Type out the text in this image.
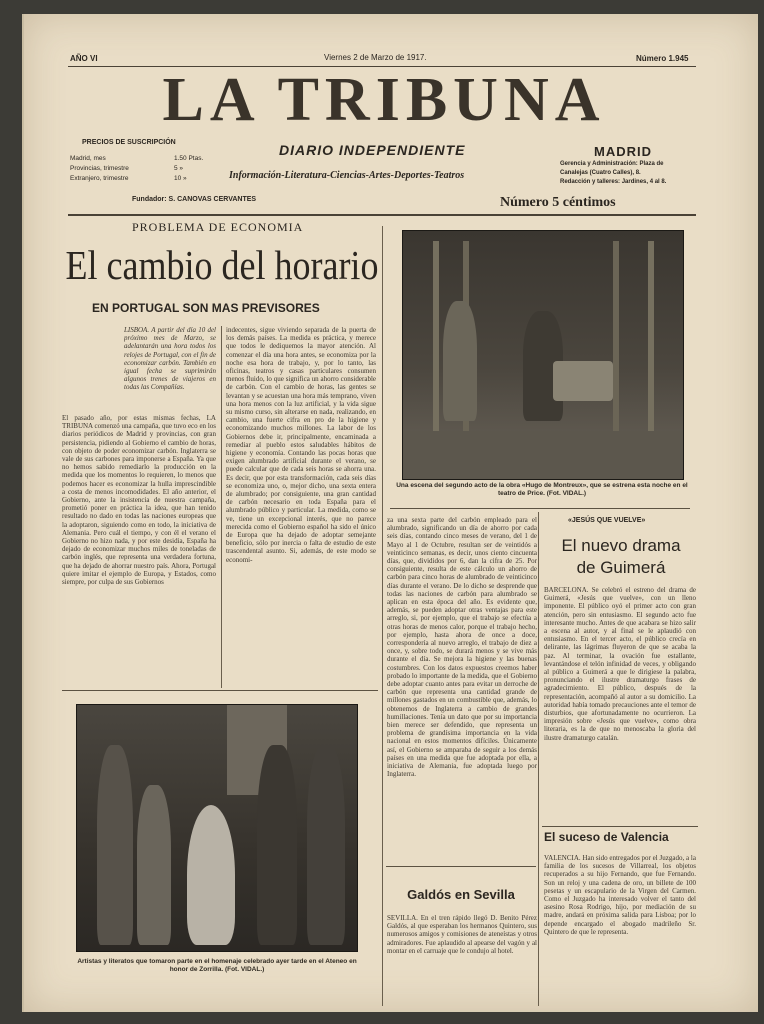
AÑO VI	Viernes 2 de Marzo de 1917.	Número 1.945
LA TRIBUNA
PRECIOS DE SUSCRIPCIÓN
Madrid, mes	1.50 Ptas.
Provincias, trimestre	5 »
Extranjero, trimestre	10 »
Fundador: S. CANOVAS CERVANTES
DIARIO INDEPENDIENTE
Información-Literatura-Ciencias-Artes-Deportes-Teatros
MADRID
Gerencia y Administración: Plaza de
Canalejas (Cuatro Calles), 8.
Redacción y talleres: Jardines, 4 al 8.
Número 5 céntimos
PROBLEMA DE ECONOMIA
El cambio del horario
EN PORTUGAL SON MAS PREVISORES
LISBOA. A partir del día 10 del próximo mes de Marzo, se adelantarán una hora todos los relojes de Portugal, con el fin de economizar carbón. También en igual fecha se suprimirán algunos trenes de viajeros en todas las Compañías.
El pasado año, por estas mismas fechas, LA TRIBUNA comenzó una campaña, que tuvo eco en los diarios periódicos de Madrid y provincias, con gran persistencia, pidiendo al Gobierno el cambio de horas, con objeto de poder economizar carbón. Inglaterra se vale de sus carbones para imponerse a España. Ya que no hemos sabido remediarlo la producción en la medida que los momentos lo requieren, lo menos que podemos hacer es economizar la hulla imprescindible a costa de menos incomodidades. El año anterior, el Gobierno, ante la insistencia de nuestra campaña, prometió poner en práctica la idea, que han tenido resultado no dado en todas las naciones europeas que la adoptaron, siguiendo como en todo, la iniciativa de Alemania. Pero cuál el tiempo, y con él el verano el Gobierno no hizo nada, y por este desidia, España ha dejado de economizar muchos miles de toneladas de carbón inglés, que representa una verdadera fortuna, que ha dejado de ahorrar nuestro país. Ahora, Portugal quiere imitar el ejemplo de Europa, y Estados, como siempre, por culpa de sus Gobiernos
indecentes, sigue viviendo separada de la puerta de los demás países. La medida es práctica, y merece que todos le dediquemos la mayor atención. Al comenzar el día una hora antes, se economiza por la noche esa hora de trabajo, y, por lo tanto, las oficinas, teatros y casas particulares consumen menos fluido, lo que significa un ahorro considerable de carbón. Con el cambio de horas, las gentes se levantan y se acuestan una hora más temprano, viven una hora menos con la luz artificial, y la vida sigue su mismo curso, sin alterarse en nada, realizando, en cambio, una fuerte cifra en pro de la higiene y economizando muchos millones. La labor de los Gobiernos debe ir, principalmente, encaminada a remediar al pueblo estos saludables hábitos de higiene y economía. Contando las pocas horas que exigen alumbrado artificial durante el verano, se puede calcular que de cada seis horas se ahorra una. Es decir, que por esta transformación, cada seis días se economiza uno, o, mejor dicho, una sexta entera de alumbrado; por consiguiente, una gran cantidad de carbón necesario en toda España para el alumbrado público y particular. La medida, como se ve, tiene un excepcional interés, que no parece merecida como el Gobierno español ha sido el único de Europa que ha dejado de adoptar semejante beneficio, sólo por inercia o falta de estudio de este trascendental asunto. Si, además, de este modo se economi-
za una sexta parte del carbón empleado para el alumbrado, significando un día de ahorro por cada seis días, contando cinco meses de verano, del 1 de Mayo al 1 de Octubre, resultan ser de veintidós a veinticinco semanas, es decir, unos ciento cincuenta días, que, divididos por 6, dan la cifra de 25. Por consiguiente, resulta de este cálculo un ahorro de carbón para cinco horas de alumbrado de veinticinco días durante el verano. De lo dicho se desprende que todas las naciones de carbón para alumbrado se aplican en esta época del año. Es evidente que, además, se pueden adoptar otras ventajas para este arreglo, si, por ejemplo, que el trabajo se efectúa a otras horas de menos calor, porque el trabajo hecho, por ejemplo, hasta ahora de once a doce, correspondería al nuevo arreglo, el trabajo de diez a once, y, sobre todo, se durará menos y se vive más durante el día. Se mejora la higiene y las buenas costumbres. Con los datos expuestos creemos haber probado lo importante de la medida, que el Gobierno debe adoptar cuanto antes para evitar un derroche de carbón que representa una cantidad grande de millones gastados en un combustible que, además, lo obtenemos de Inglaterra a cambio de grandes humillaciones. Tenía un dato que por su importancia bien merece ser defendido, que representa un problema de grandísima importancia en la vida nacional en estos momentos difíciles. Únicamente así, el Gobierno se amparaba de seguir a los demás países en una medida que fue adoptada por ella, a iniciativa de Alemania, fue adoptada luego por Inglaterra.
Una escena del segundo acto de la obra «Hugo de Montreux», que se estrena esta noche en el teatro de Price. (Fot. VIDAL.)
«JESÚS QUE VUELVE»
El nuevo drama
de Guimerá
BARCELONA. Se celebró el estreno del drama de Guimerá, «Jesús que vuelve», con un lleno imponente. El público oyó el primer acto con gran atención, pero sin entusiasmo. El segundo acto fue interesante mucho. Antes de que acabara se hizo salir a escena al autor, y al final se le aplaudió con entusiasmo. En el tercer acto, el público crecía en delirante, las lágrimas fluyeron de que se acaba la paz. Al terminar, la ovación fue estallante, levantándose el telón infinidad de veces, y obligando al público a Guimerá a que le dirigiese la palabra, pronunciando el ilustre dramaturgo frases de agradecimiento. El público, después de la representación, acompañó al autor a su domicilio. La autoridad había tomado precauciones ante el temor de disturbios, que afortunadamente no ocurrieron. La impresión sobre «Jesús que vuelve», como obra literaria, es la de que no menoscaba la gloria del ilustre dramaturgo catalán.
El suceso de Valencia
VALENCIA. Han sido entregados por el Juzgado, a la familia de los sucesos de Villarreal, los objetos recuperados a su hijo Fernando, que fue Fernando. Son un reloj y una cadena de oro, un billete de 100 pesetas y un escapulario de la Virgen del Carmen. Como el Juzgado ha interesado volver el tanto del asesino Rosa Rodrigo, hijo, por mediación de su madre, andará en próxima salida para Lisboa; por lo depende encargado el abogado madrileño Sr. Quintero de que le representa.
Galdós en Sevilla
SEVILLA. En el tren rápido llegó D. Benito Pérez Galdós, al que esperaban los hermanos Quintero, sus numerosos amigos y comisiones de ateneístas y otros admiradores. Fue aplaudido al apearse del vagón y al montar en el carruaje que le condujo al hotel.
Artistas y literatos que tomaron parte en el homenaje celebrado ayer tarde en el Ateneo en honor de Zorrilla. (Fot. VIDAL.)
